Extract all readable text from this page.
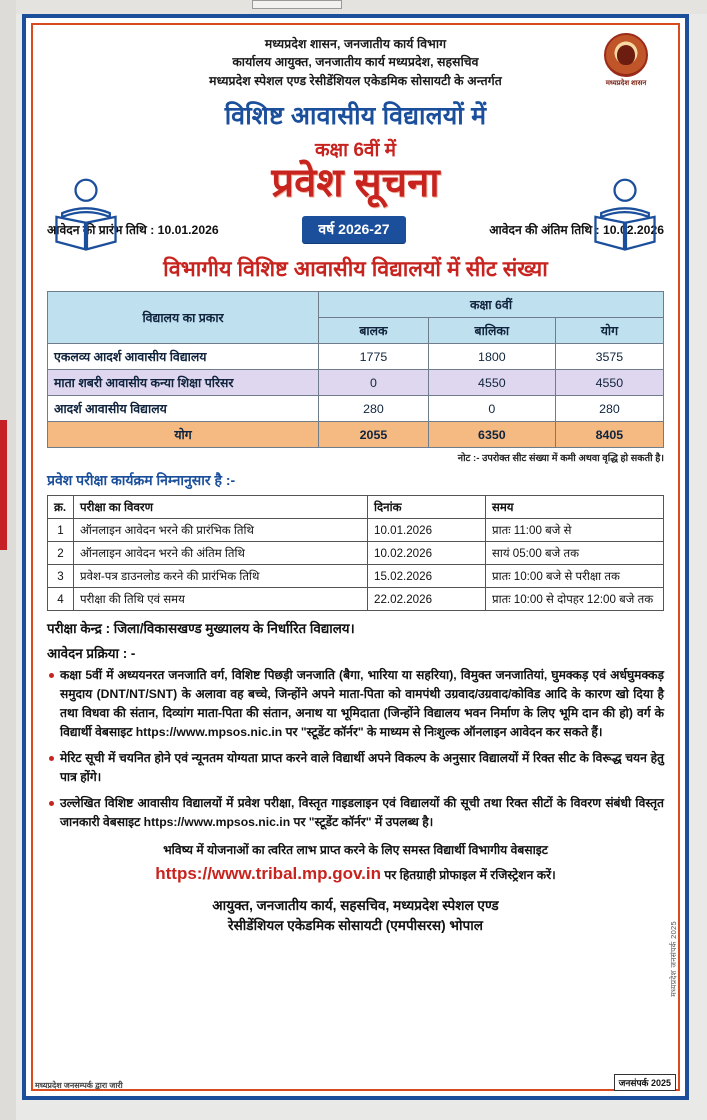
मध्यप्रदेश शासन
मध्यप्रदेश शासन, जनजातीय कार्य विभाग
कार्यालय आयुक्त, जनजातीय कार्य मध्यप्रदेश, सहसचिव
मध्यप्रदेश स्पेशल एण्ड रेसीडेंशियल एकेडमिक सोसायटी के अन्तर्गत
विशिष्ट आवासीय विद्यालयों में
कक्षा 6वीं में
प्रवेश सूचना
आवेदन की प्रारंभ तिथि : 10.01.2026	वर्ष 2026-27	आवेदन की अंतिम तिथि : 10.02.2026
विभागीय विशिष्ट आवासीय विद्यालयों में सीट संख्या
विद्यालय का प्रकार	कक्षा 6वीं		
	बालक	बालिका	योग
एकलव्य आदर्श आवासीय विद्यालय	1775	1800	3575
माता शबरी आवासीय कन्या शिक्षा परिसर	0	4550	4550
आदर्श आवासीय विद्यालय	280	0	280
योग	2055	6350	8405
नोट :- उपरोक्त सीट संख्या में कमी अथवा वृद्धि हो सकती है।
प्रवेश परीक्षा कार्यक्रम निम्नानुसार है :-
क्र.	परीक्षा का विवरण	दिनांक	समय
1	ऑनलाइन आवेदन भरने की प्रारंभिक तिथि	10.01.2026	प्रातः 11:00 बजे से
2	ऑनलाइन आवेदन भरने की अंतिम तिथि	10.02.2026	सायं 05:00 बजे तक
3	प्रवेश-पत्र डाउनलोड करने की प्रारंभिक तिथि	15.02.2026	प्रातः 10:00 बजे से परीक्षा तक
4	परीक्षा की तिथि एवं समय	22.02.2026	प्रातः 10:00 से दोपहर 12:00 बजे तक
परीक्षा केन्द्र : जिला/विकासखण्ड मुख्यालय के निर्धारित विद्यालय।
आवेदन प्रक्रिया : -
कक्षा 5वीं में अध्ययनरत जनजाति वर्ग, विशिष्ट पिछड़ी जनजाति (बैगा, भारिया या सहरिया), विमुक्त जनजातियां, घुमक्कड़ एवं अर्धघुमक्कड़ समुदाय (DNT/NT/SNT) के अलावा वह बच्चे, जिन्होंने अपने माता-पिता को वामपंथी उग्रवाद/उग्रवाद/कोविड आदि के कारण खो दिया है तथा विधवा की संतान, दिव्यांग माता-पिता की संतान, अनाथ या भूमिदाता (जिन्होंने विद्यालय भवन निर्माण के लिए भूमि दान की हो) वर्ग के विद्यार्थी वेबसाइट https://www.mpsos.nic.in पर "स्टूडेंट कॉर्नर" के माध्यम से निःशुल्क ऑनलाइन आवेदन कर सकते हैं।
मेरिट सूची में चयनित होने एवं न्यूनतम योग्यता प्राप्त करने वाले विद्यार्थी अपने विकल्प के अनुसार विद्यालयों में रिक्त सीट के विरूद्ध चयन हेतु पात्र होंगे।
उल्लेखित विशिष्ट आवासीय विद्यालयों में प्रवेश परीक्षा, विस्तृत गाइडलाइन एवं विद्यालयों की सूची तथा रिक्त सीटों के विवरण संबंधी विस्तृत जानकारी वेबसाइट https://www.mpsos.nic.in पर "स्टूडेंट कॉर्नर" में उपलब्ध है।
भविष्य में योजनाओं का त्वरित लाभ प्राप्त करने के लिए समस्त विद्यार्थी विभागीय वेबसाइट
https://www.tribal.mp.gov.in पर हितग्राही प्रोफाइल में रजिस्ट्रेशन करें।
आयुक्त, जनजातीय कार्य, सहसचिव, मध्यप्रदेश स्पेशल एण्ड
रेसीडेंशियल एकेडमिक सोसायटी (एमपीसरस) भोपाल
मध्यप्रदेश जनसम्पर्क द्वारा जारी	जनसंपर्क 2025
मध्यप्रदेश जनसंपर्क 2025
